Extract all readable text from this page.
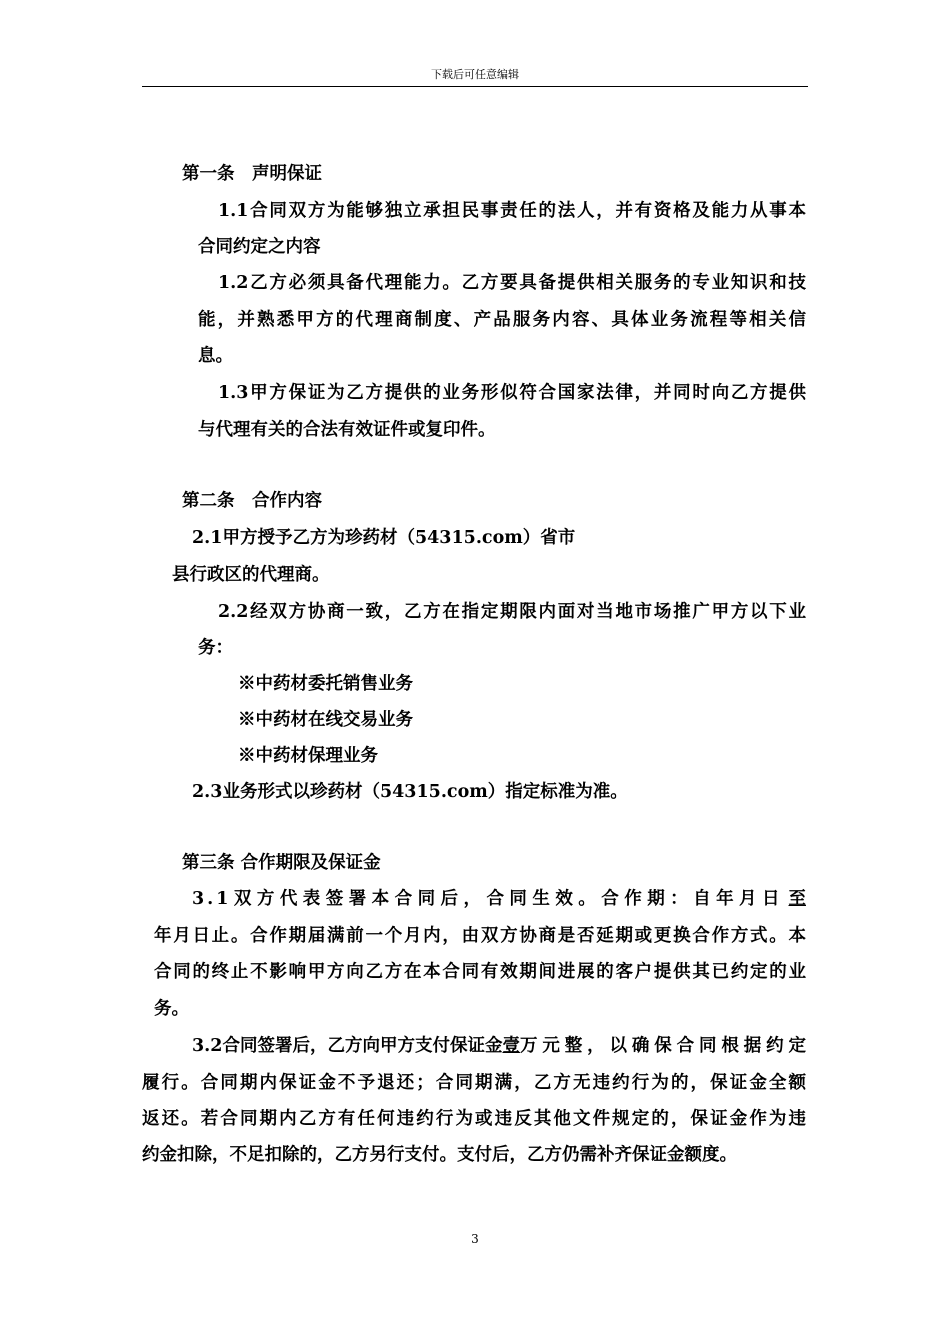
下载后可任意编辑
第一条　声明保证
1.1合同双方为能够独立承担民事责任的法人，并有资格及能力从事本
合同约定之内容
1.2乙方必须具备代理能力。乙方要具备提供相关服务的专业知识和技
能，并熟悉甲方的代理商制度、产品服务内容、具体业务流程等相关信
息。
1.3甲方保证为乙方提供的业务形似符合国家法律，并同时向乙方提供
与代理有关的合法有效证件或复印件。
第二条　合作内容
2.1甲方授予乙方为珍药材（54315.com）省市
县行政区的代理商。
2.2经双方协商一致，乙方在指定期限内面对当地市场推广甲方以下业
务：
※中药材委托销售业务
※中药材在线交易业务
※中药材保理业务
2.3业务形式以珍药材（54315.com）指定标准为准。
第三条 合作期限及保证金
3.1双方代表签署本合同后，合同生效。合作期：自年月日 至
年月日止。合作期届满前一个月内，由双方协商是否延期或更换合作方式。本
合同的终止不影响甲方向乙方在本合同有效期间进展的客户提供其已约定的业
务。
3.2合同签署后，乙方向甲方支付保证金 壹 万元整，以确保合同根据约定
履行。合同期内保证金不予退还；合同期满，乙方无违约行为的，保证金全额
返还。若合同期内乙方有任何违约行为或违反其他文件规定的，保证金作为违
约金扣除，不足扣除的，乙方另行支付。支付后，乙方仍需补齐保证金额度。
3
